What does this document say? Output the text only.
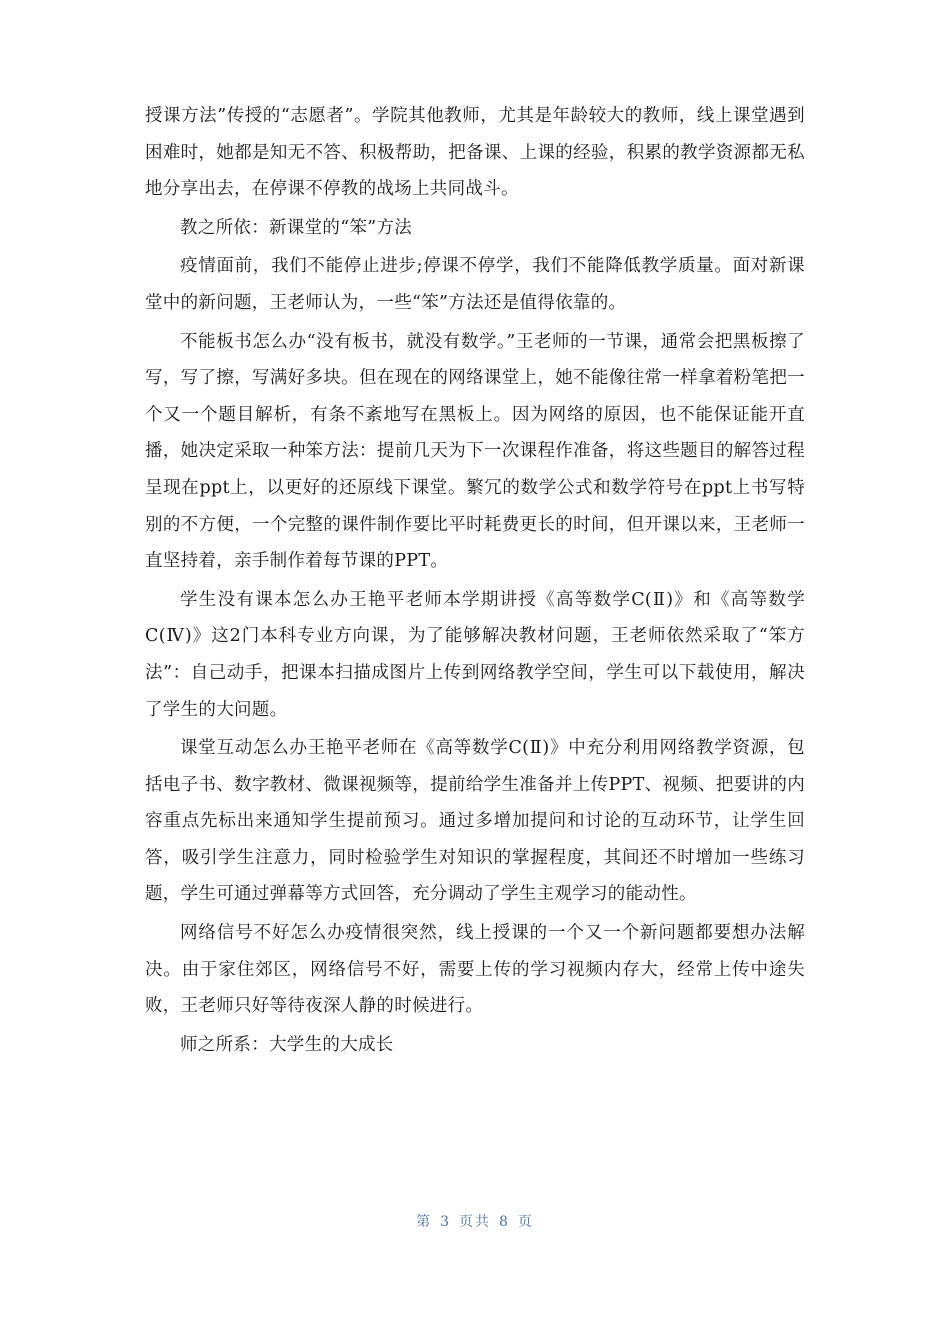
授课方法”传授的“志愿者”。学院其他教师，尤其是年龄较大的教师，线上课堂遇到困难时，她都是知无不答、积极帮助，把备课、上课的经验，积累的教学资源都无私地分享出去，在停课不停教的战场上共同战斗。

教之所依：新课堂的“笨”方法

疫情面前，我们不能停止进步;停课不停学，我们不能降低教学质量。面对新课堂中的新问题，王老师认为，一些“笨”方法还是值得依靠的。

不能板书怎么办“没有板书，就没有数学。”王老师的一节课，通常会把黑板擦了写，写了擦，写满好多块。但在现在的网络课堂上，她不能像往常一样拿着粉笔把一个又一个题目解析，有条不紊地写在黑板上。因为网络的原因，也不能保证能开直播，她决定采取一种笨方法：提前几天为下一次课程作准备，将这些题目的解答过程呈现在ppt上，以更好的还原线下课堂。繁冗的数学公式和数学符号在ppt上书写特别的不方便，一个完整的课件制作要比平时耗费更长的时间，但开课以来，王老师一直坚持着，亲手制作着每节课的PPT。

学生没有课本怎么办王艳平老师本学期讲授《高等数学C(Ⅱ)》和《高等数学C(Ⅳ)》这2门本科专业方向课，为了能够解决教材问题，王老师依然采取了“笨方法”：自己动手，把课本扫描成图片上传到网络教学空间，学生可以下载使用，解决了学生的大问题。

课堂互动怎么办王艳平老师在《高等数学C(Ⅱ)》中充分利用网络教学资源，包括电子书、数字教材、微课视频等，提前给学生准备并上传PPT、视频、把要讲的内容重点先标出来通知学生提前预习。通过多增加提问和讨论的互动环节，让学生回答，吸引学生注意力，同时检验学生对知识的掌握程度，其间还不时增加一些练习题，学生可通过弹幕等方式回答，充分调动了学生主观学习的能动性。

网络信号不好怎么办疫情很突然，线上授课的一个又一个新问题都要想办法解决。由于家住郊区，网络信号不好，需要上传的学习视频内存大，经常上传中途失败，王老师只好等待夜深人静的时候进行。

师之所系：大学生的大成长

第 3 页共 8 页
